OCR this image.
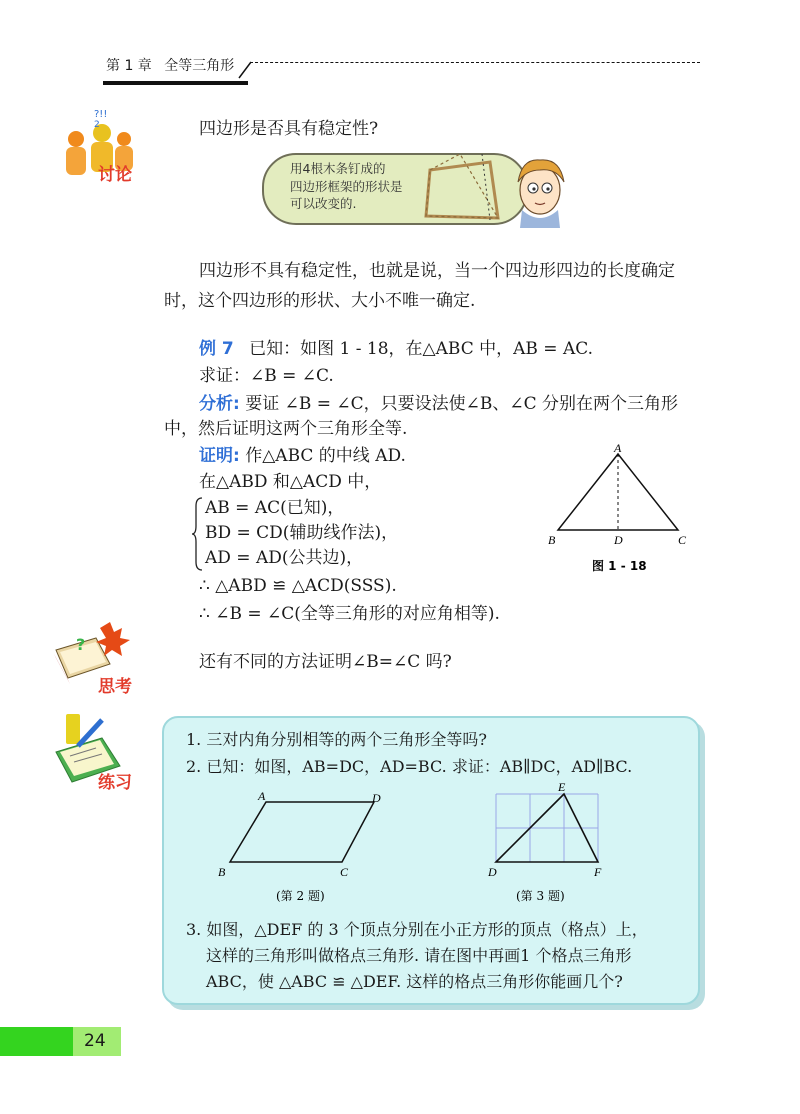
第 1 章 全等三角形
?!!
2
讨论
四边形是否具有稳定性?
用4根木条钉成的
四边形框架的形状是
可以改变的.
四边形不具有稳定性，也就是说，当一个四边形四边的长度确定
时，这个四边形的形状、大小不唯一确定.
例 7 已知：如图 1 - 18，在△ABC 中，AB = AC.
求证：∠B = ∠C.
分析: 要证 ∠B = ∠C，只要设法使∠B、∠C 分别在两个三角形
中，然后证明这两个三角形全等.
证明: 作△ABC 的中线 AD.
在△ABD 和△ACD 中，
AB = AC(已知)，
BD = CD(辅助线作法)，
AD = AD(公共边)，
∴ △ABD ≌ △ACD(SSS).
∴ ∠B = ∠C(全等三角形的对应角相等).
A
B	D	C
图 1 - 18
?
思考
还有不同的方法证明∠B=∠C 吗?
练习
1. 三对内角分别相等的两个三角形全等吗?
2. 已知：如图，AB=DC，AD=BC. 求证：AB∥DC，AD∥BC.
A	D
B	C
(第 2 题)
E
D	F
(第 3 题)
3. 如图，△DEF 的 3 个顶点分别在小正方形的顶点（格点）上，
这样的三角形叫做格点三角形. 请在图中再画1 个格点三角形
ABC，使 △ABC ≌ △DEF. 这样的格点三角形你能画几个?
24
